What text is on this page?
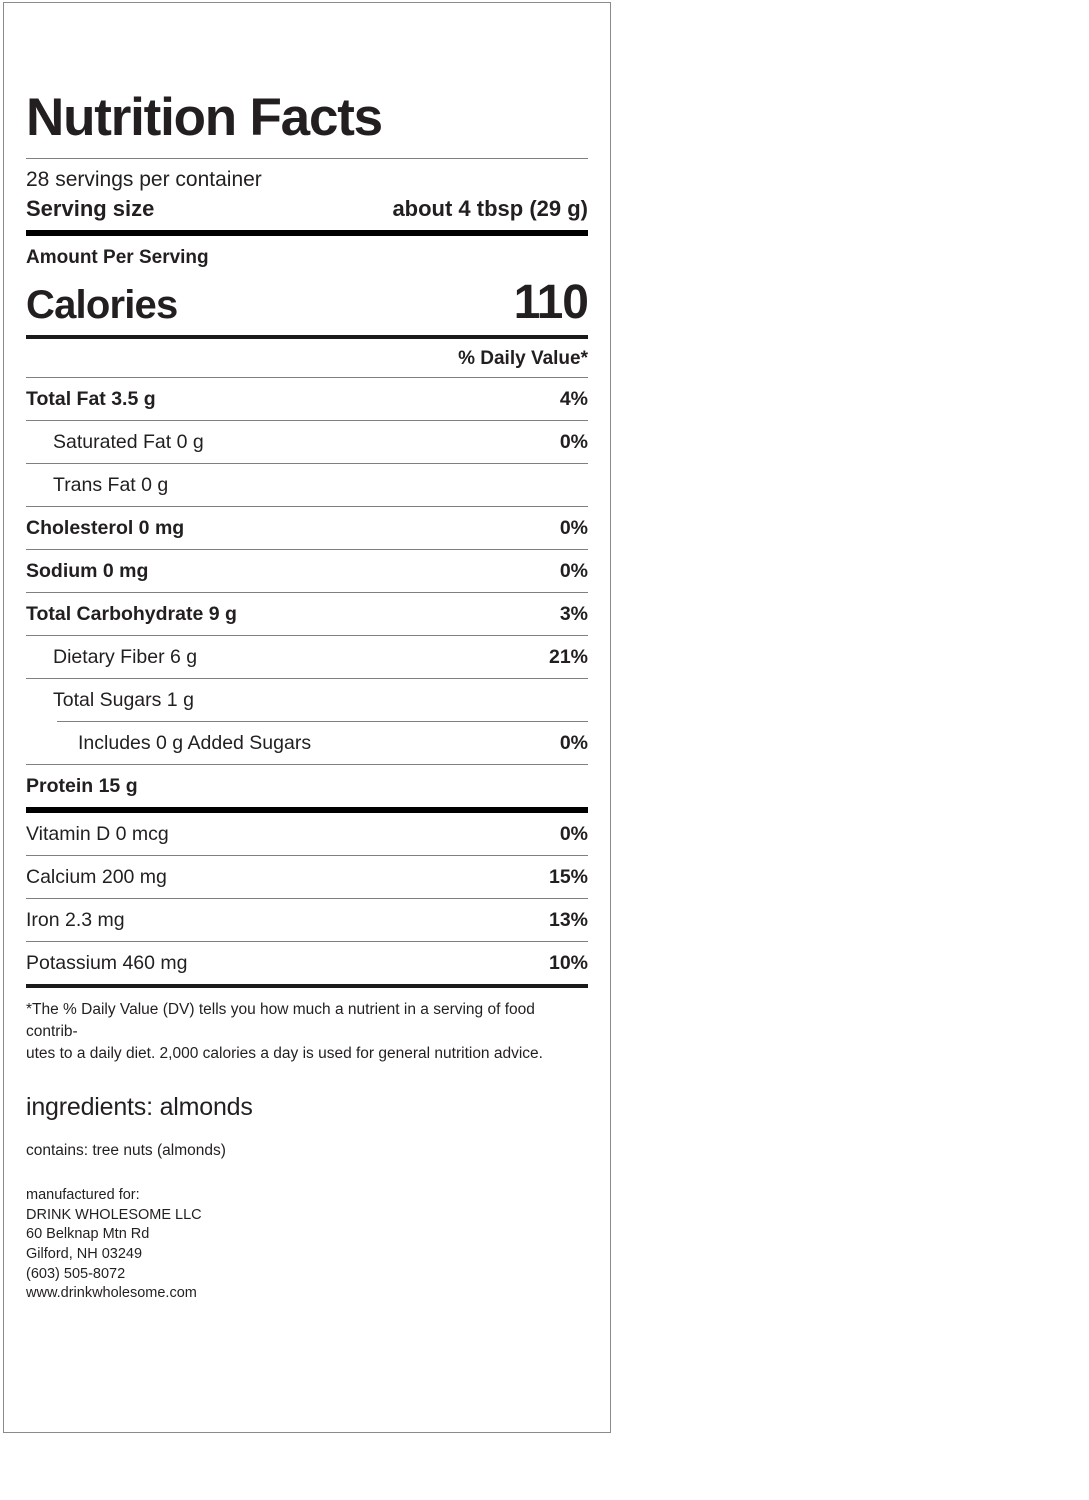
Nutrition Facts
28 servings per container
Serving size	about 4 tbsp (29 g)
Amount Per Serving
Calories	110
% Daily Value*
Total Fat 3.5 g	4%
Saturated Fat 0 g	0%
Trans Fat 0 g
Cholesterol 0 mg	0%
Sodium 0 mg	0%
Total Carbohydrate 9 g	3%
Dietary Fiber 6 g	21%
Total Sugars 1 g
Includes 0 g Added Sugars	0%
Protein 15 g
Vitamin D 0 mcg	0%
Calcium 200 mg	15%
Iron 2.3 mg	13%
Potassium 460 mg	10%
*The % Daily Value (DV) tells you how much a nutrient in a serving of food contrib-
utes to a daily diet. 2,000 calories a day is used for general nutrition advice.
ingredients: almonds
contains: tree nuts (almonds)
manufactured for:
DRINK WHOLESOME LLC
60 Belknap Mtn Rd
Gilford, NH 03249
(603) 505-8072
www.drinkwholesome.com
